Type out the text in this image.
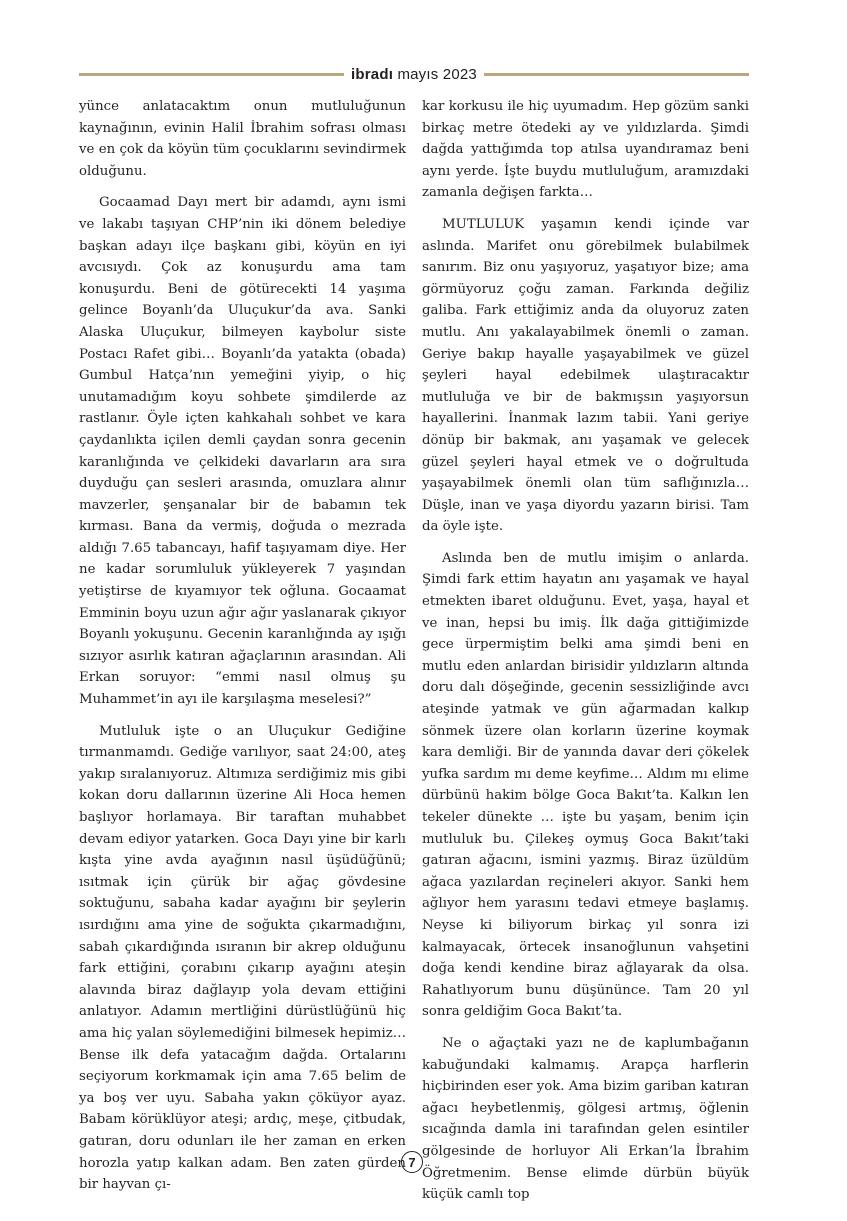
ibradı mayıs 2023

yünce anlatacaktım onun mutluluğunun kaynağının, evinin Halil İbrahim sofrası olması ve en çok da köyün tüm çocuklarını sevindirmek olduğunu.

Gocaamad Dayı mert bir adamdı, aynı ismi ve lakabı taşıyan CHP’nin iki dönem belediye başkan adayı ilçe başkanı gibi, köyün en iyi avcısıydı. Çok az konuşurdu ama tam konuşurdu. Beni de götürecekti 14 yaşıma gelince Boyanlı’da Uluçukur’da ava. Sanki Alaska Uluçukur, bilmeyen kaybolur siste Postacı Rafet gibi… Boyanlı’da yatakta (obada) Gumbul Hatça’nın yemeğini yiyip, o hiç unutamadığım koyu sohbete şimdilerde az rastlanır. Öyle içten kahkahalı sohbet ve kara çaydanlıkta içilen demli çaydan sonra gecenin karanlığında ve çelkideki davarların ara sıra duyduğu çan sesleri arasında, omuzlara alınır mavzerler, şenşanalar bir de babamın tek kırması. Bana da vermiş, doğuda o mezrada aldığı 7.65 tabancayı, hafif taşıyamam diye. Her ne kadar sorumluluk yükleyerek 7 yaşından yetiştirse de kıyamıyor tek oğluna. Gocaamat Emminin boyu uzun ağır ağır yaslanarak çıkıyor Boyanlı yokuşunu. Gecenin karanlığında ay ışığı sızıyor asırlık katıran ağaçlarının arasından. Ali Erkan soruyor: “emmi nasıl olmuş şu Muhammet’in ayı ile karşılaşma meselesi?”

Mutluluk işte o an Uluçukur Gediğine tırmanmamdı. Gediğe varılıyor, saat 24:00, ateş yakıp sıralanıyoruz. Altımıza serdiğimiz mis gibi kokan doru dallarının üzerine Ali Hoca hemen başlıyor horlamaya. Bir taraftan muhabbet devam ediyor yatarken. Goca Dayı yine bir karlı kışta yine avda ayağının nasıl üşüdüğünü; ısıtmak için çürük bir ağaç gövdesine soktuğunu, sabaha kadar ayağını bir şeylerin ısırdığını ama yine de soğukta çıkarmadığını, sabah çıkardığında ısıranın bir akrep olduğunu fark ettiğini, çorabını çıkarıp ayağını ateşin alavında biraz dağlayıp yola devam ettiğini anlatıyor. Adamın mertliğini dürüstlüğünü hiç ama hiç yalan söylemediğini bilmesek hepimiz… Bense ilk defa yatacağım dağda. Ortalarını seçiyorum korkmamak için ama 7.65 belim de ya boş ver uyu. Sabaha yakın çöküyor ayaz. Babam körüklüyor ateşi; ardıç, meşe, çitbudak, gatıran, doru odunları ile her zaman en erken horozla yatıp kalkan adam. Ben zaten gürden bir hayvan çı-

kar korkusu ile hiç uyumadım. Hep gözüm sanki birkaç metre ötedeki ay ve yıldızlarda. Şimdi dağda yattığımda top atılsa uyandıramaz beni aynı yerde. İşte buydu mutluluğum, aramızdaki zamanla değişen farkta…

MUTLULUK yaşamın kendi içinde var aslında. Marifet onu görebilmek bulabilmek sanırım. Biz onu yaşıyoruz, yaşatıyor bize; ama görmüyoruz çoğu zaman. Farkında değiliz galiba. Fark ettiğimiz anda da oluyoruz zaten mutlu. Anı yakalayabilmek önemli o zaman. Geriye bakıp hayalle yaşayabilmek ve güzel şeyleri hayal edebilmek ulaştıracaktır mutluluğa ve bir de bakmışsın yaşıyorsun hayallerini. İnanmak lazım tabii. Yani geriye dönüp bir bakmak, anı yaşamak ve gelecek güzel şeyleri hayal etmek ve o doğrultuda yaşayabilmek önemli olan tüm saflığınızla… Düşle, inan ve yaşa diyordu yazarın birisi. Tam da öyle işte.

Aslında ben de mutlu imişim o anlarda. Şimdi fark ettim hayatın anı yaşamak ve hayal etmekten ibaret olduğunu. Evet, yaşa, hayal et ve inan, hepsi bu imiş. İlk dağa gittiğimizde gece ürpermiştim belki ama şimdi beni en mutlu eden anlardan birisidir yıldızların altında doru dalı döşeğinde, gecenin sessizliğinde avcı ateşinde yatmak ve gün ağarmadan kalkıp sönmek üzere olan korların üzerine koymak kara demliği. Bir de yanında davar deri çökelek yufka sardım mı deme keyfime… Aldım mı elime dürbünü hakim bölge Goca Bakıt’ta. Kalkın len tekeler dünekte … işte bu yaşam, benim için mutluluk bu. Çilekeş oymuş Goca Bakıt’taki gatıran ağacını, ismini yazmış. Biraz üzüldüm ağaca yazılardan reçineleri akıyor. Sanki hem ağlıyor hem yarasını tedavi etmeye başlamış. Neyse ki biliyorum birkaç yıl sonra izi kalmayacak, örtecek insanoğlunun vahşetini doğa kendi kendine biraz ağlayarak da olsa. Rahatlıyorum bunu düşününce. Tam 20 yıl sonra geldiğim Goca Bakıt’ta.

Ne o ağaçtaki yazı ne de kaplumbağanın kabuğundaki kalmamış. Arapça harflerin hiçbirinden eser yok. Ama bizim gariban katıran ağacı heybetlenmiş, gölgesi artmış, öğlenin sıcağında damla ini tarafından gelen esintiler gölgesinde de horluyor Ali Erkan’la İbrahim Öğretmenim. Bense elimde dürbün büyük küçük camlı top

7
